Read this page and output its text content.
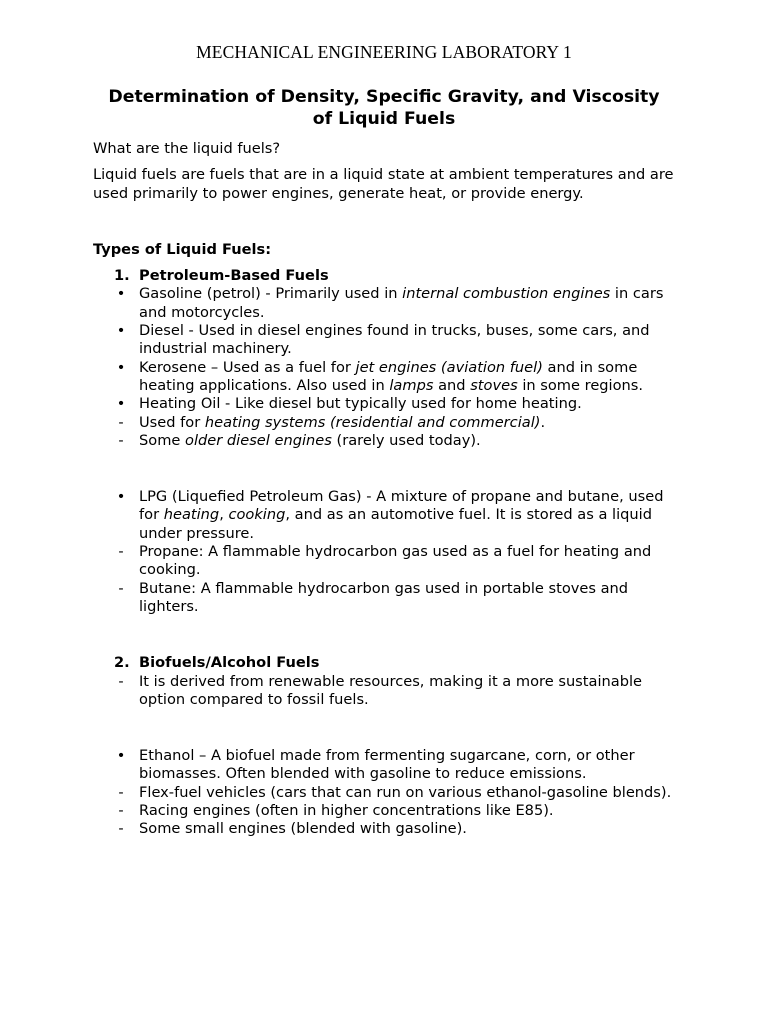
MECHANICAL ENGINEERING LABORATORY 1
Determination of Density, Specific Gravity, and Viscosity
of Liquid Fuels

What are the liquid fuels?

Liquid fuels are fuels that are in a liquid state at ambient temperatures and are used primarily to power engines, generate heat, or provide energy.

Types of Liquid Fuels:

1. Petroleum-Based Fuels
• Gasoline (petrol) - Primarily used in internal combustion engines in cars and motorcycles.
• Diesel - Used in diesel engines found in trucks, buses, some cars, and industrial machinery.
• Kerosene – Used as a fuel for jet engines (aviation fuel) and in some heating applications. Also used in lamps and stoves in some regions.
• Heating Oil - Like diesel but typically used for home heating.
- Used for heating systems (residential and commercial).
- Some older diesel engines (rarely used today).
• LPG (Liquefied Petroleum Gas) - A mixture of propane and butane, used for heating, cooking, and as an automotive fuel. It is stored as a liquid under pressure.
- Propane: A flammable hydrocarbon gas used as a fuel for heating and cooking.
- Butane: A flammable hydrocarbon gas used in portable stoves and lighters.
2. Biofuels/Alcohol Fuels
- It is derived from renewable resources, making it a more sustainable option compared to fossil fuels.
• Ethanol – A biofuel made from fermenting sugarcane, corn, or other biomasses. Often blended with gasoline to reduce emissions.
- Flex-fuel vehicles (cars that can run on various ethanol-gasoline blends).
- Racing engines (often in higher concentrations like E85).
- Some small engines (blended with gasoline).
